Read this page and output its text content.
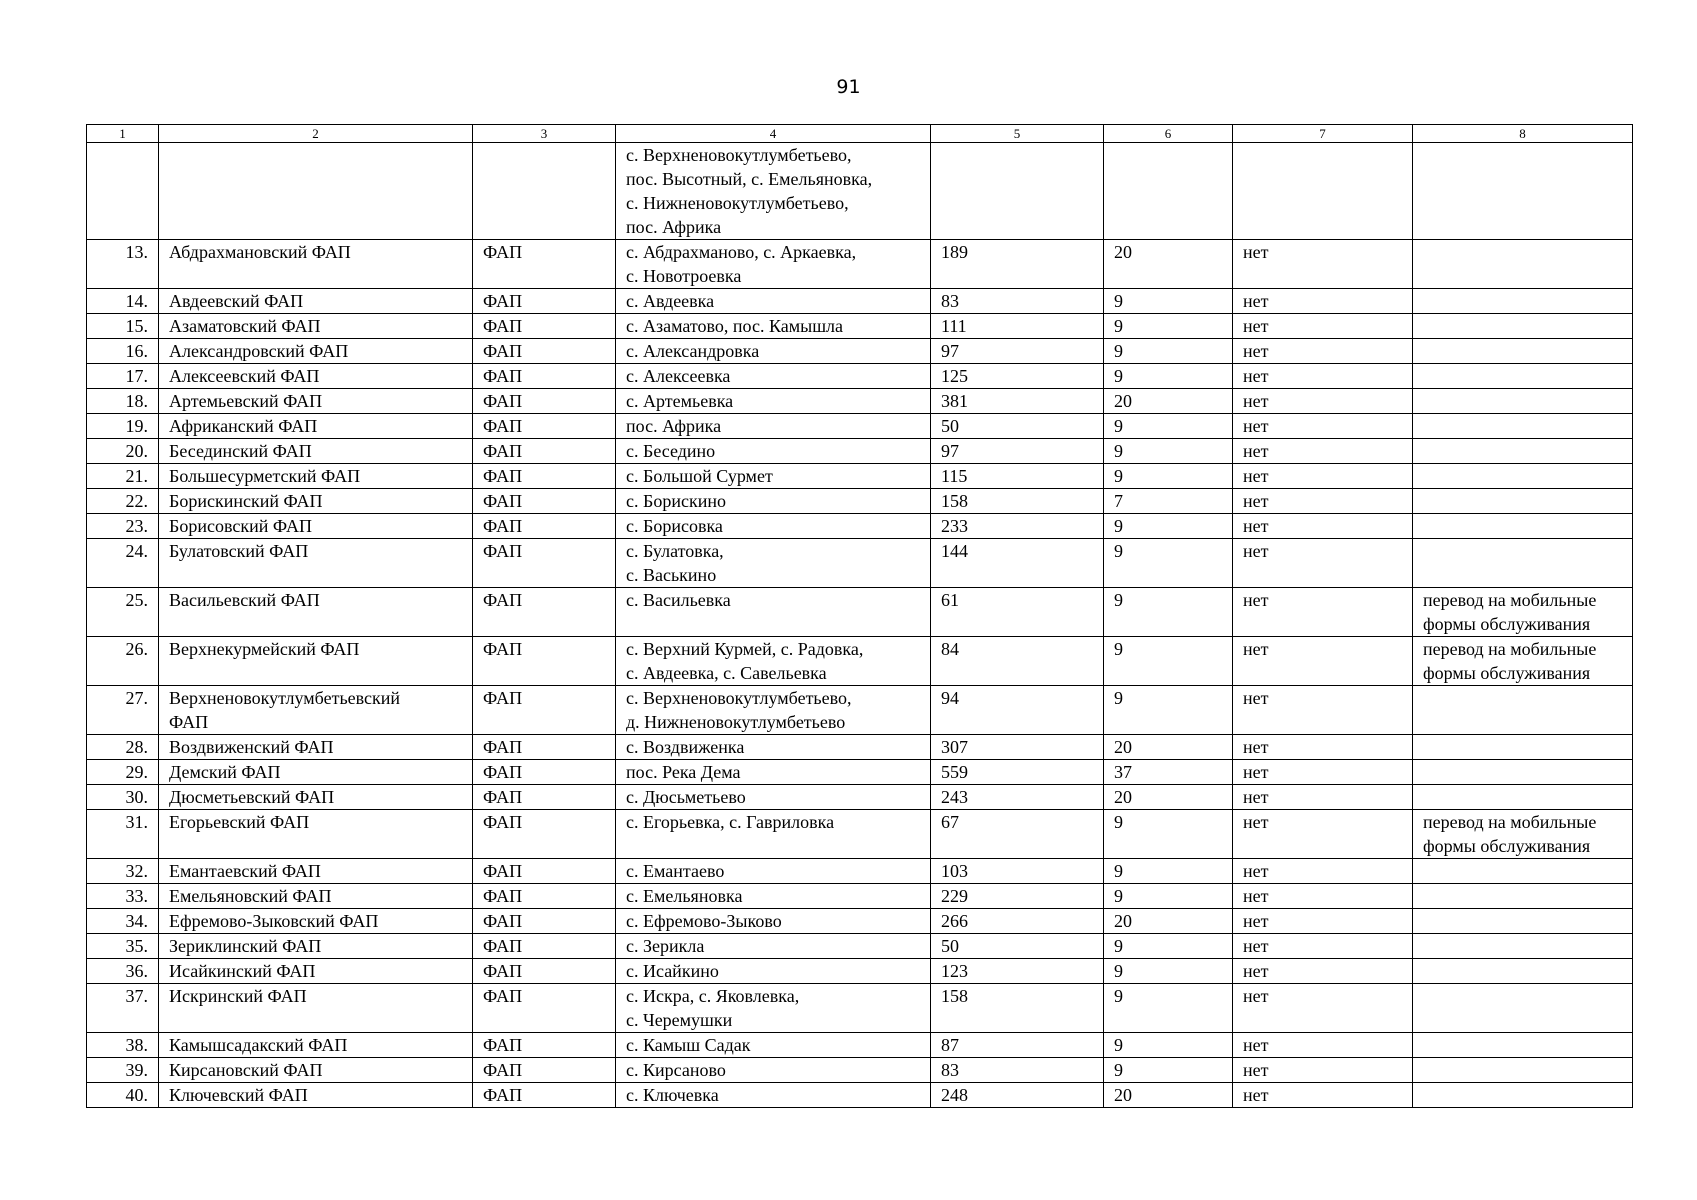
91
1	2	3	4	5	6	7	8

			с. Верхненовокутлумбетьево,
пос. Высотный, с. Емельяновка,
с. Нижненовокутлумбетьево,
пос. Африка				

13.	Абдрахмановский ФАП	ФАП	с. Абдрахманово, с. Аркаевка,
с. Новотроевка	189	20	нет	
14.	Авдеевский ФАП	ФАП	с. Авдеевка	83	9	нет	
15.	Азаматовский ФАП	ФАП	с. Азаматово, пос. Камышла	111	9	нет	
16.	Александровский ФАП	ФАП	с. Александровка	97	9	нет	
17.	Алексеевский ФАП	ФАП	с. Алексеевка	125	9	нет	
18.	Артемьевский ФАП	ФАП	с. Артемьевка	381	20	нет	
19.	Африканский ФАП	ФАП	пос. Африка	50	9	нет	
20.	Бесединский ФАП	ФАП	с. Беседино	97	9	нет	
21.	Большесурметский ФАП	ФАП	с. Большой Сурмет	115	9	нет	
22.	Борискинский ФАП	ФАП	с. Борискино	158	7	нет	
23.	Борисовский ФАП	ФАП	с. Борисовка	233	9	нет	
24.	Булатовский ФАП	ФАП	с. Булатовка,
с. Васькино	144	9	нет	
25.	Васильевский ФАП	ФАП	с. Васильевка	61	9	нет	перевод на мобильные
формы обслуживания

26.	Верхнекурмейский ФАП	ФАП	с. Верхний Курмей, с. Радовка,
с. Авдеевка, с. Савельевка	84	9	нет	перевод на мобильные
формы обслуживания

27.	Верхненовокутлумбетьевский
ФАП	ФАП	с. Верхненовокутлумбетьево,
д. Нижненовокутлумбетьево	94	9	нет	
28.	Воздвиженский ФАП	ФАП	с. Воздвиженка	307	20	нет	
29.	Демский ФАП	ФАП	пос. Река Дема	559	37	нет	
30.	Дюсметьевский ФАП	ФАП	с. Дюсьметьево	243	20	нет	
31.	Егорьевский ФАП	ФАП	с. Егорьевка, с. Гавриловка	67	9	нет	перевод на мобильные
формы обслуживания

32.	Емантаевский ФАП	ФАП	с. Емантаево	103	9	нет	
33.	Емельяновский ФАП	ФАП	с. Емельяновка	229	9	нет	
34.	Ефремово-Зыковский ФАП	ФАП	с. Ефремово-Зыково	266	20	нет	
35.	Зериклинский ФАП	ФАП	с. Зерикла	50	9	нет	
36.	Исайкинский ФАП	ФАП	с. Исайкино	123	9	нет	
37.	Искринский ФАП	ФАП	с. Искра, с. Яковлевка,
с. Черемушки	158	9	нет	
38.	Камышсадакский ФАП	ФАП	с. Камыш Садак	87	9	нет	
39.	Кирсановский ФАП	ФАП	с. Кирсаново	83	9	нет	
40.	Ключевский ФАП	ФАП	с. Ключевка	248	20	нет	
